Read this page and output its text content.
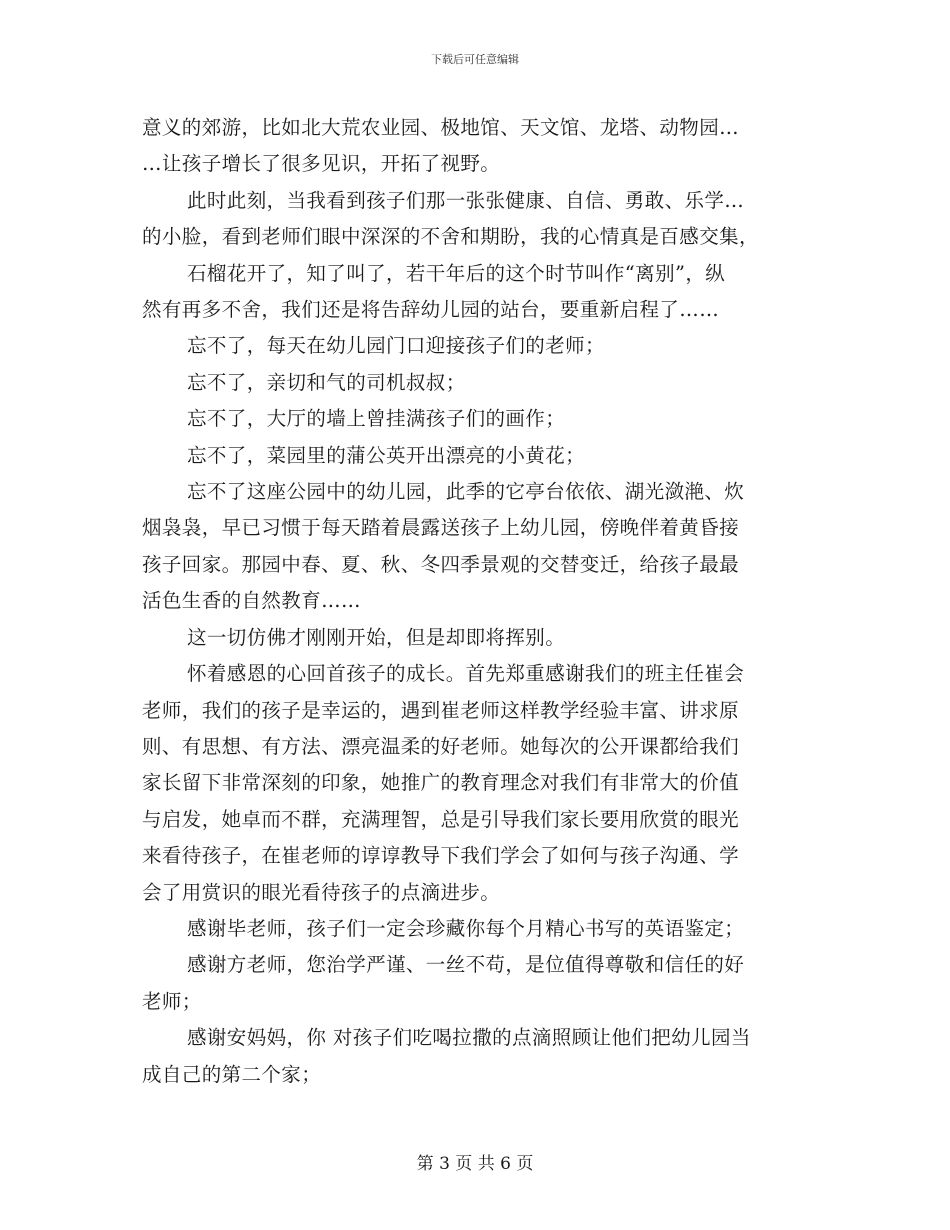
下载后可任意编辑

意义的郊游，比如北大荒农业园、极地馆、天文馆、龙塔、动物园…
…让孩子增长了很多见识，开拓了视野。

此时此刻，当我看到孩子们那一张张健康、自信、勇敢、乐学…
的小脸，看到老师们眼中深深的不舍和期盼，我的心情真是百感交集，

石榴花开了，知了叫了，若干年后的这个时节叫作“离别”，纵
然有再多不舍，我们还是将告辞幼儿园的站台，要重新启程了……

忘不了，每天在幼儿园门口迎接孩子们的老师；

忘不了，亲切和气的司机叔叔；

忘不了，大厅的墙上曾挂满孩子们的画作；

忘不了，菜园里的蒲公英开出漂亮的小黄花；

忘不了这座公园中的幼儿园，此季的它亭台依依、湖光潋滟、炊
烟袅袅，早已习惯于每天踏着晨露送孩子上幼儿园，傍晚伴着黄昏接
孩子回家。那园中春、夏、秋、冬四季景观的交替变迁，给孩子最最
活色生香的自然教育……

这一切仿佛才刚刚开始，但是却即将挥别。

怀着感恩的心回首孩子的成长。首先郑重感谢我们的班主任崔会
老师，我们的孩子是幸运的，遇到崔老师这样教学经验丰富、讲求原
则、有思想、有方法、漂亮温柔的好老师。她每次的公开课都给我们
家长留下非常深刻的印象，她推广的教育理念对我们有非常大的价值
与启发，她卓而不群，充满理智，总是引导我们家长要用欣赏的眼光
来看待孩子，在崔老师的谆谆教导下我们学会了如何与孩子沟通、学
会了用赏识的眼光看待孩子的点滴进步。

感谢毕老师，孩子们一定会珍藏你每个月精心书写的英语鉴定；

感谢方老师，您治学严谨、一丝不苟，是位值得尊敬和信任的好
老师；

感谢安妈妈，你 对孩子们吃喝拉撒的点滴照顾让他们把幼儿园当
成自己的第二个家；

第 3 页 共 6 页
